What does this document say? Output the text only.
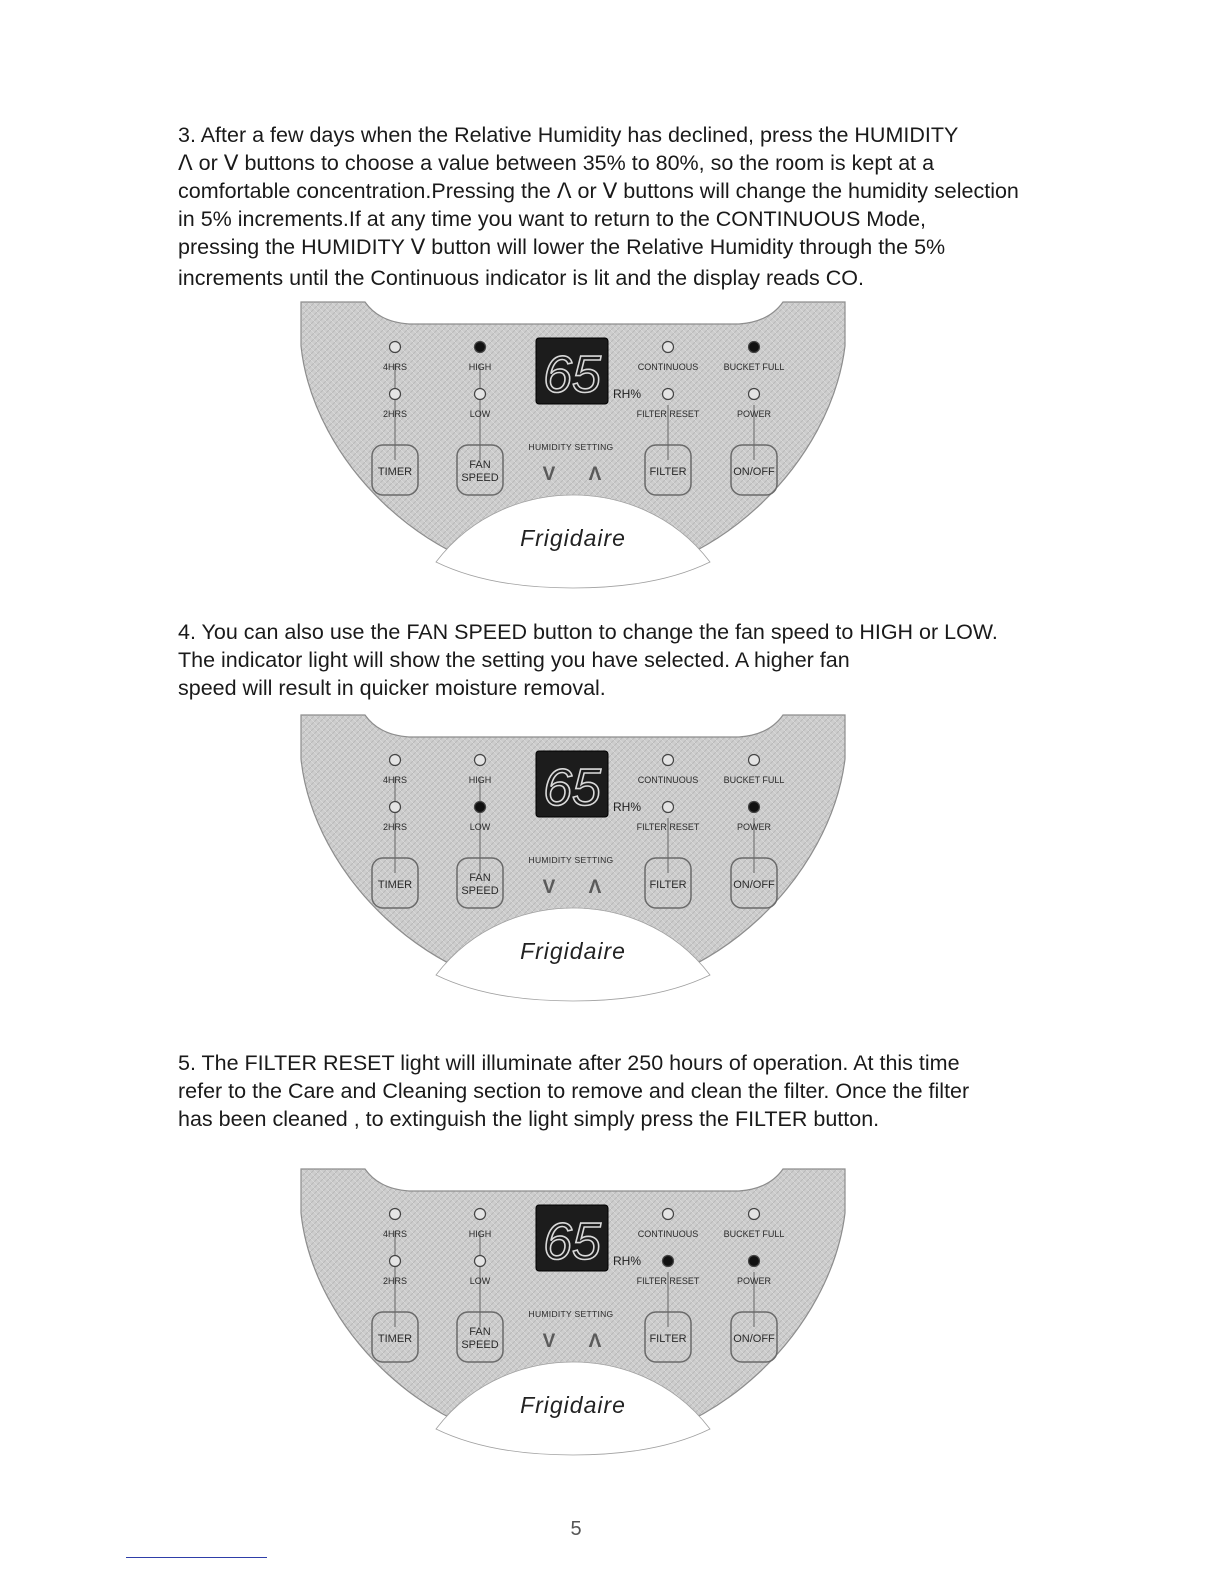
3. After a few days when the Relative Humidity has declined, press the HUMIDITY
ⴷ or ⴸ buttons to choose a value between 35% to 80%, so the room is kept at a
comfortable concentration.Pressing the ⴷ or ⴸ buttons will change the humidity selection
in 5% increments.If at any time you want to return to the CONTINUOUS Mode,
pressing the HUMIDITY ⴸ button will lower the Relative Humidity through the 5%
increments until the Continuous indicator is lit and the display reads CO.
4HRS
2HRS
HIGH
LOW
CONTINUOUS
FILTER RESET
BUCKET FULL
POWER
65 RH%
HUMIDITY SETTING
V Λ
TIMER
FAN
SPEED	FILTER	ON/OFF
Frigidaire
4. You can also use the FAN SPEED button to change the fan speed to HIGH or LOW.
The indicator light will show the setting you have selected. A higher fan
speed will result in quicker moisture removal.
4HRS
2HRS
HIGH
LOW
CONTINUOUS
FILTER RESET
BUCKET FULL
POWER
65 RH%
HUMIDITY SETTING
V Λ
TIMER
FAN
SPEED	FILTER	ON/OFF
Frigidaire
5. The FILTER RESET light will illuminate after 250 hours of operation. At this time
refer to the Care and Cleaning section to remove and clean the filter. Once the filter
has been cleaned , to extinguish the light simply press the FILTER button.
4HRS
2HRS
HIGH
LOW
CONTINUOUS
FILTER RESET
BUCKET FULL
POWER
65 RH%
HUMIDITY SETTING
V Λ
TIMER
FAN
SPEED	FILTER	ON/OFF
Frigidaire
5
